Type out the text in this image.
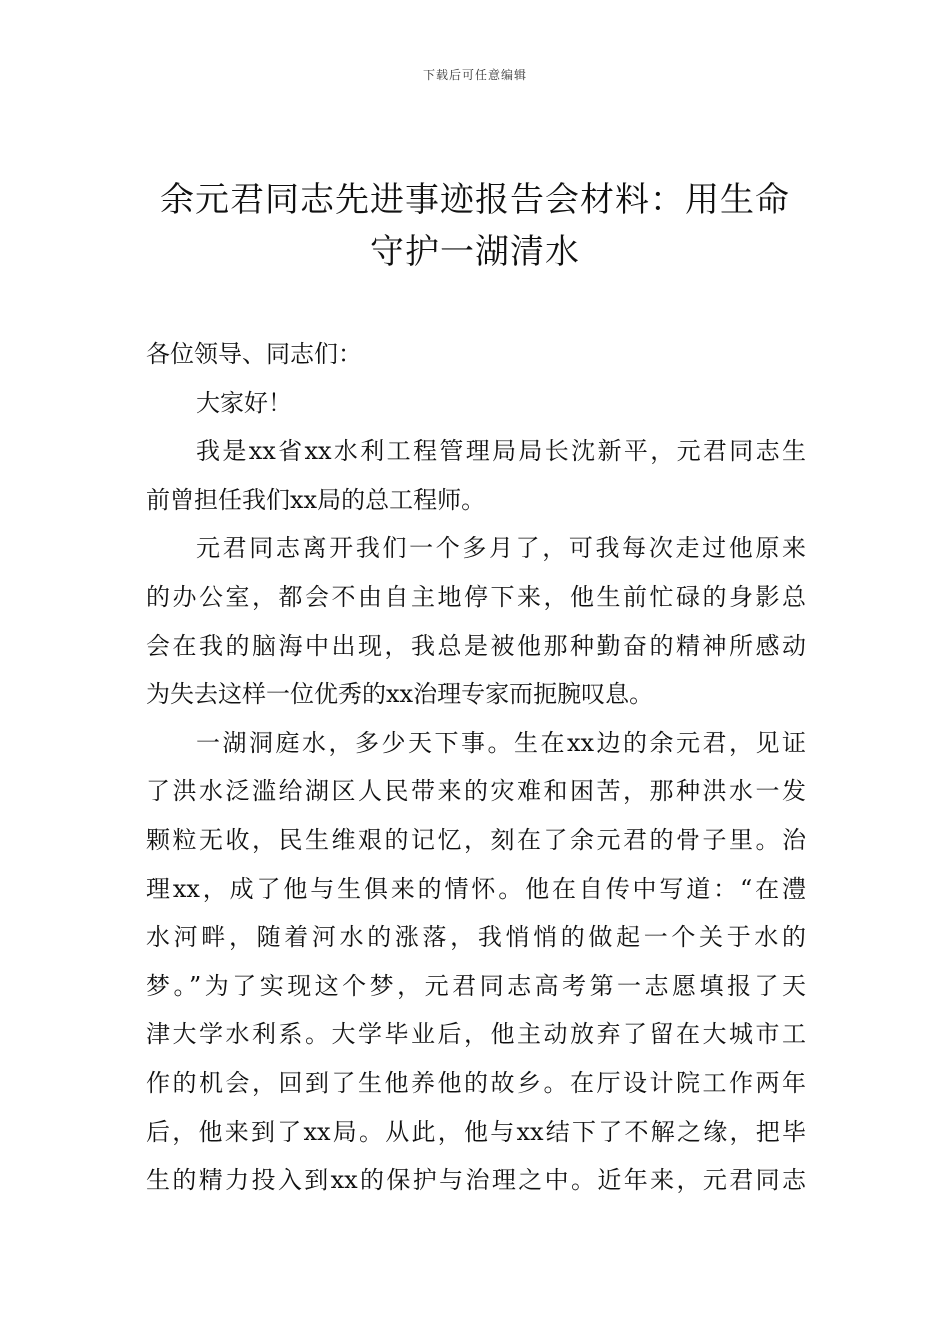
下载后可任意编辑
余元君同志先进事迹报告会材料：用生命
守护一湖清水
各位领导、同志们：
大家好！
我是xx省xx水利工程管理局局长沈新平，元君同志生
前曾担任我们xx局的总工程师。
元君同志离开我们一个多月了，可我每次走过他原来
的办公室，都会不由自主地停下来，他生前忙碌的身影总
会在我的脑海中出现，我总是被他那种勤奋的精神所感动
为失去这样一位优秀的xx治理专家而扼腕叹息。
一湖洞庭水，多少天下事。生在xx边的余元君，见证
了洪水泛滥给湖区人民带来的灾难和困苦，那种洪水一发
颗粒无收，民生维艰的记忆，刻在了余元君的骨子里。治
理xx，成了他与生俱来的情怀。他在自传中写道：“在澧
水河畔，随着河水的涨落，我悄悄的做起一个关于水的
梦。”为了实现这个梦，元君同志高考第一志愿填报了天
津大学水利系。大学毕业后，他主动放弃了留在大城市工
作的机会，回到了生他养他的故乡。在厅设计院工作两年
后，他来到了xx局。从此，他与xx结下了不解之缘，把毕
生的精力投入到xx的保护与治理之中。近年来，元君同志
